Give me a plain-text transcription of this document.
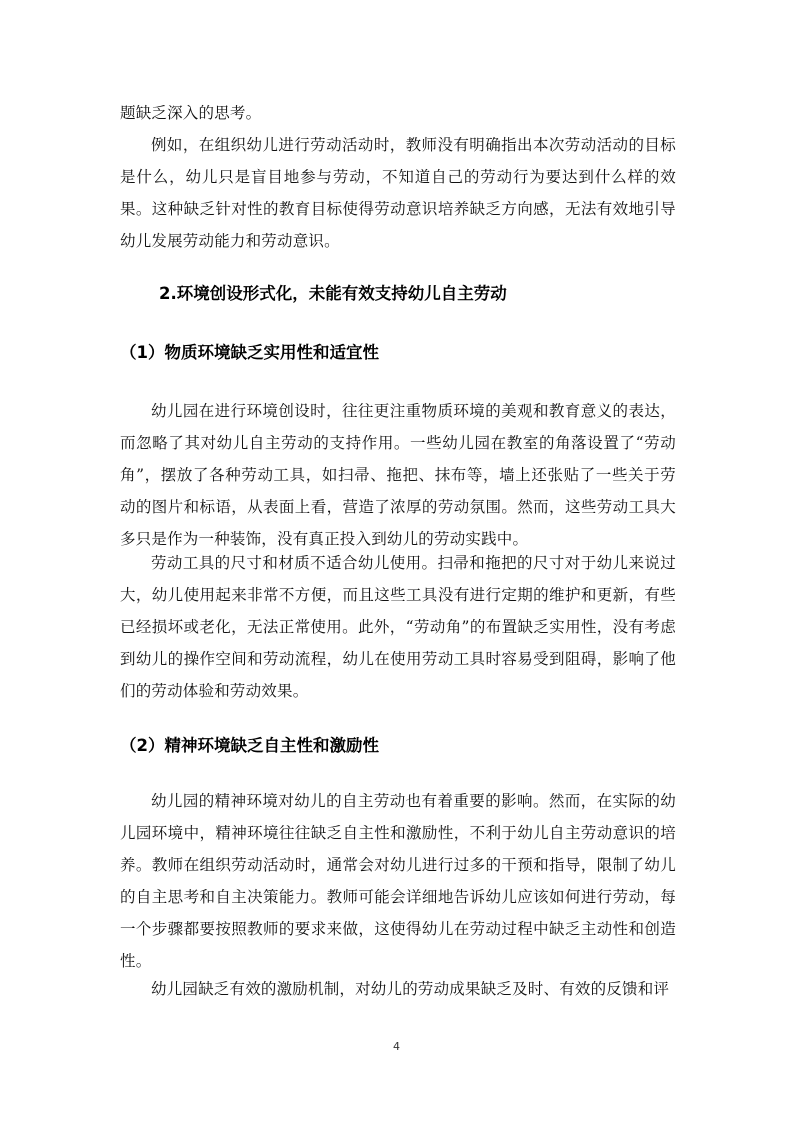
题缺乏深入的思考。

例如，在组织幼儿进行劳动活动时，教师没有明确指出本次劳动活动的目标是什么，幼儿只是盲目地参与劳动，不知道自己的劳动行为要达到什么样的效果。这种缺乏针对性的教育目标使得劳动意识培养缺乏方向感，无法有效地引导幼儿发展劳动能力和劳动意识。

2.环境创设形式化，未能有效支持幼儿自主劳动
（1）物质环境缺乏实用性和适宜性

幼儿园在进行环境创设时，往往更注重物质环境的美观和教育意义的表达，而忽略了其对幼儿自主劳动的支持作用。一些幼儿园在教室的角落设置了“劳动角”，摆放了各种劳动工具，如扫帚、拖把、抹布等，墙上还张贴了一些关于劳动的图片和标语，从表面上看，营造了浓厚的劳动氛围。然而，这些劳动工具大多只是作为一种装饰，没有真正投入到幼儿的劳动实践中。

劳动工具的尺寸和材质不适合幼儿使用。扫帚和拖把的尺寸对于幼儿来说过大，幼儿使用起来非常不方便，而且这些工具没有进行定期的维护和更新，有些已经损坏或老化，无法正常使用。此外，“劳动角”的布置缺乏实用性，没有考虑到幼儿的操作空间和劳动流程，幼儿在使用劳动工具时容易受到阻碍，影响了他们的劳动体验和劳动效果。

（2）精神环境缺乏自主性和激励性

幼儿园的精神环境对幼儿的自主劳动也有着重要的影响。然而，在实际的幼儿园环境中，精神环境往往缺乏自主性和激励性，不利于幼儿自主劳动意识的培养。教师在组织劳动活动时，通常会对幼儿进行过多的干预和指导，限制了幼儿的自主思考和自主决策能力。教师可能会详细地告诉幼儿应该如何进行劳动，每一个步骤都要按照教师的要求来做，这使得幼儿在劳动过程中缺乏主动性和创造性。

幼儿园缺乏有效的激励机制，对幼儿的劳动成果缺乏及时、有效的反馈和评

4
